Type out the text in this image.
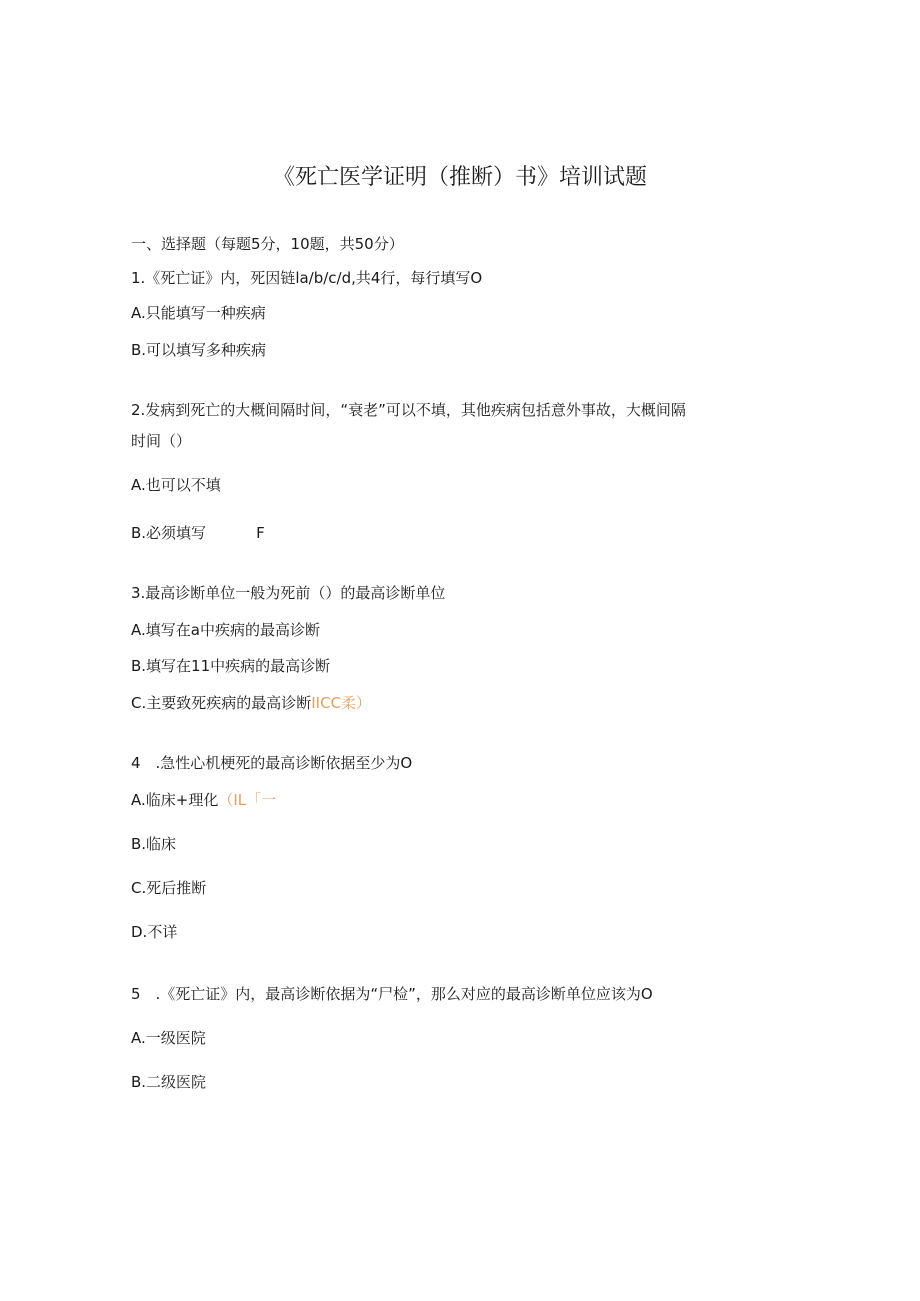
《死亡医学证明（推断）书》培训试题
一、选择题（每题5分，10题，共50分）
1.《死亡证》内，死因链la∕b∕c∕d,共4行，每行填写O
A.只能填写一种疾病
B.可以填写多种疾病
2.发病到死亡的大概间隔时间，“衰老”可以不填，其他疾病包括意外事故，大概间隔
时间（）
A.也可以不填
B.必须填写	F
3.最高诊断单位一般为死前（）的最高诊断单位
A.填写在a中疾病的最高诊断
B.填写在11中疾病的最高诊断
C.主要致死疾病的最高诊断IICC柔）
4　.急性心机梗死的最高诊断依据至少为O
A.临床+理化（IL「一
B.临床
C.死后推断
D.不详
5　.《死亡证》内，最高诊断依据为“尸检”，那么对应的最高诊断单位应该为O
A.一级医院
B.二级医院
